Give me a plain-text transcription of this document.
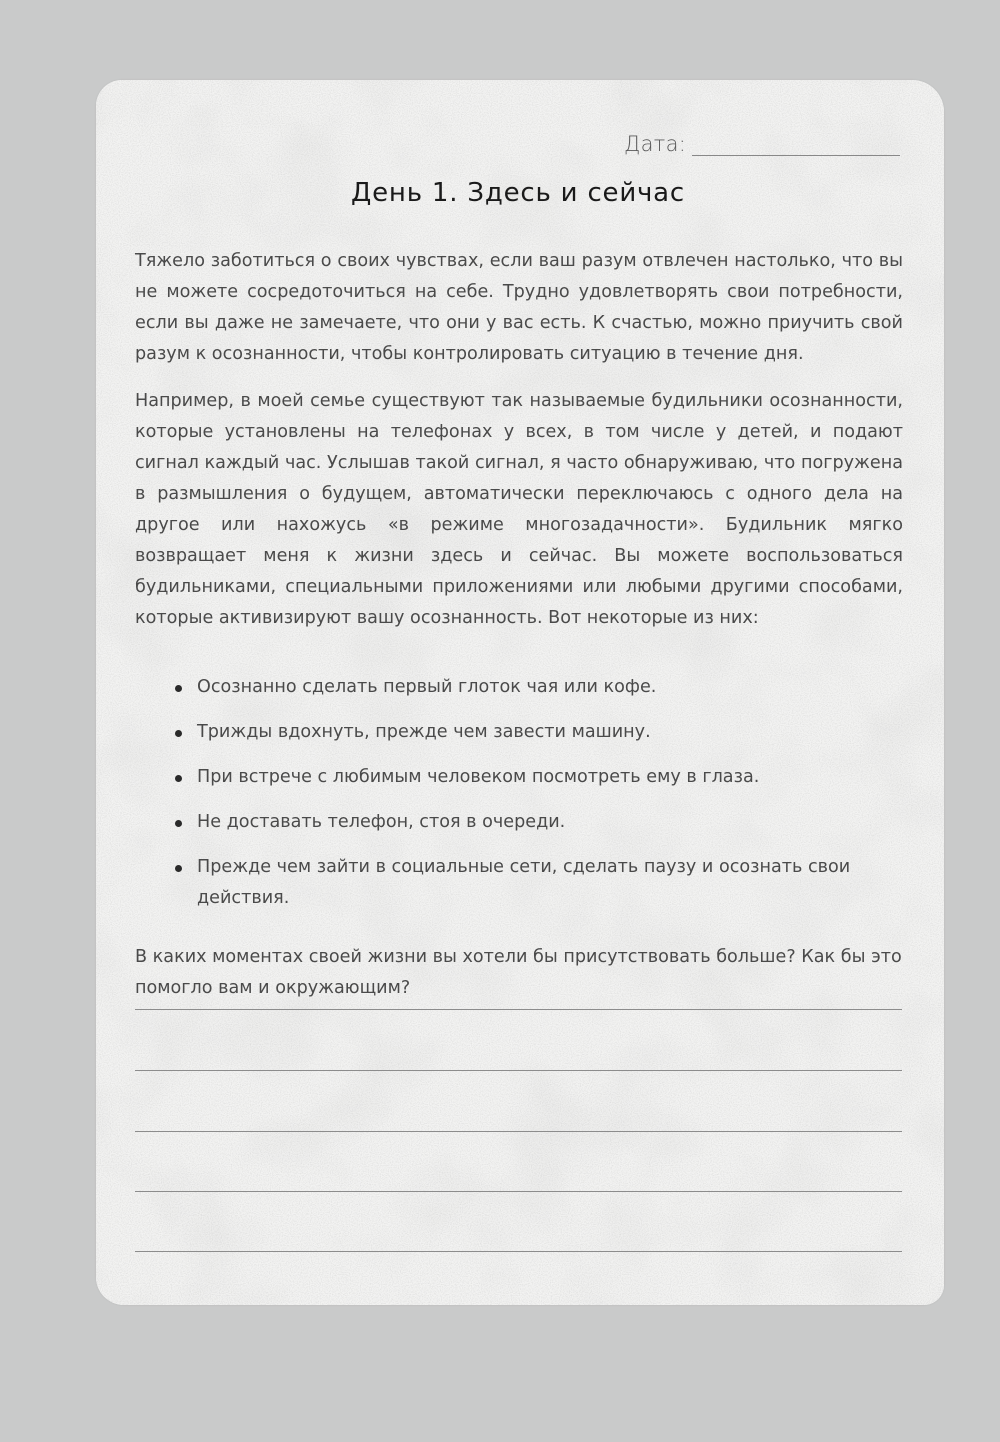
Дата:
День 1. Здесь и сейчас

Тяжело заботиться о своих чувствах, если ваш разум отвлечен настолько, что вы не можете сосредоточиться на себе. Трудно удовлетворять свои потребности, если вы даже не замечаете, что они у вас есть. К счастью, можно приучить свой разум к осознанности, чтобы контролировать ситуацию в течение дня.

Например, в моей семье существуют так называемые будильники осознанности, которые установлены на телефонах у всех, в том числе у детей, и подают сигнал каждый час. Услышав такой сигнал, я часто обнаруживаю, что погружена в размышления о будущем, автоматически переключаюсь с одного дела на другое или нахожусь «в режиме многозадачности». Будильник мягко возвращает меня к жизни здесь и сейчас. Вы можете воспользоваться будильниками, специальными приложениями или любыми другими способами, которые активизируют вашу осознанность. Вот некоторые из них:

Осознанно сделать первый глоток чая или кофе.
Трижды вдохнуть, прежде чем завести машину.
При встрече с любимым человеком посмотреть ему в глаза.
Не доставать телефон, стоя в очереди.
Прежде чем зайти в социальные сети, сделать паузу и осознать свои действия.

В каких моментах своей жизни вы хотели бы присутствовать больше? Как бы это помогло вам и окружающим?
